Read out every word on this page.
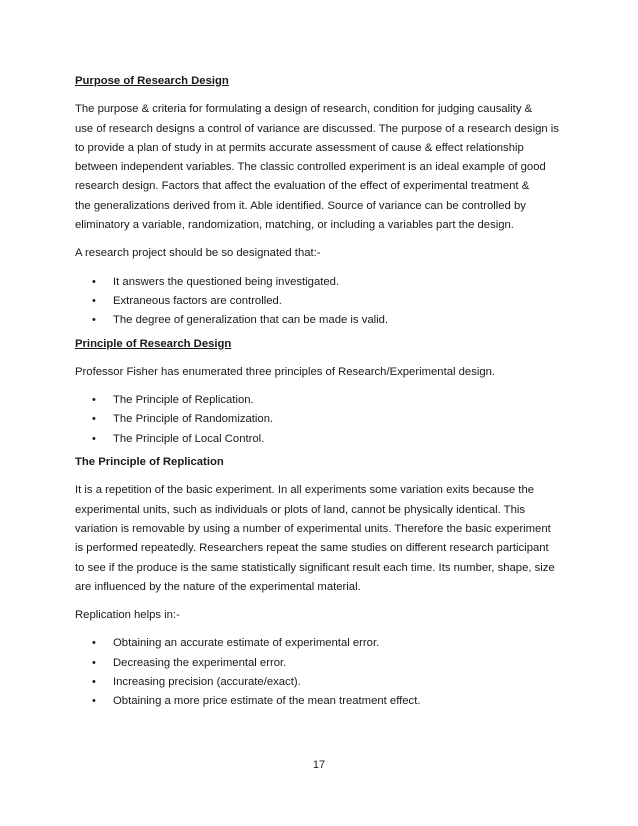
Purpose of Research Design
The purpose & criteria for formulating a design of research, condition for judging causality &
use of research designs a control of variance are discussed. The purpose of a research design is
to provide a plan of study in at permits accurate assessment of cause & effect relationship
between independent variables. The classic controlled experiment is an ideal example of good
research design. Factors that affect the evaluation of the effect of experimental treatment &
the generalizations derived from it. Able identified. Source of variance can be controlled by
eliminatory a variable, randomization, matching, or including a variables part the design.
A research project should be so designated that:-
• It answers the questioned being investigated.
• Extraneous factors are controlled.
• The degree of generalization that can be made is valid.
Principle of Research Design
Professor Fisher has enumerated three principles of Research/Experimental design.
• The Principle of Replication.
• The Principle of Randomization.
• The Principle of Local Control.
The Principle of Replication
It is a repetition of the basic experiment. In all experiments some variation exits because the
experimental units, such as individuals or plots of land, cannot be physically identical. This
variation is removable by using a number of experimental units. Therefore the basic experiment
is performed repeatedly. Researchers repeat the same studies on different research participant
to see if the produce is the same statistically significant result each time. Its number, shape, size
are influenced by the nature of the experimental material.
Replication helps in:-
• Obtaining an accurate estimate of experimental error.
• Decreasing the experimental error.
• Increasing precision (accurate/exact).
• Obtaining a more price estimate of the mean treatment effect.
17
